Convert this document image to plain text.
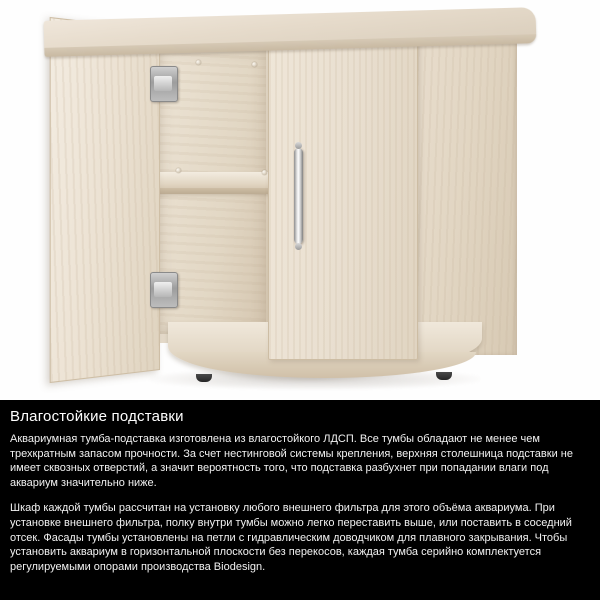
Влагостойкие подставки

Аквариумная тумба-подставка изготовлена из влагостойкого ЛДСП. Все тумбы обладают не менее чем трехкратным запасом прочности. За счет нестинговой системы крепления, верхняя столешница подставки не имеет сквозных отверстий, а значит вероятность того, что подставка разбухнет при попадании влаги под аквариум значительно ниже.

Шкаф каждой тумбы рассчитан на установку любого внешнего фильтра для этого объёма аквариума. При установке внешнего фильтра, полку внутри тумбы можно легко переставить выше, или поставить в соседний отсек. Фасады тумбы установлены на петли с гидравлическим доводчиком для плавного закрывания. Чтобы установить аквариум в горизонтальной плоскости без перекосов, каждая тумба серийно комплектуется регулируемыми опорами производства Biodesign.
